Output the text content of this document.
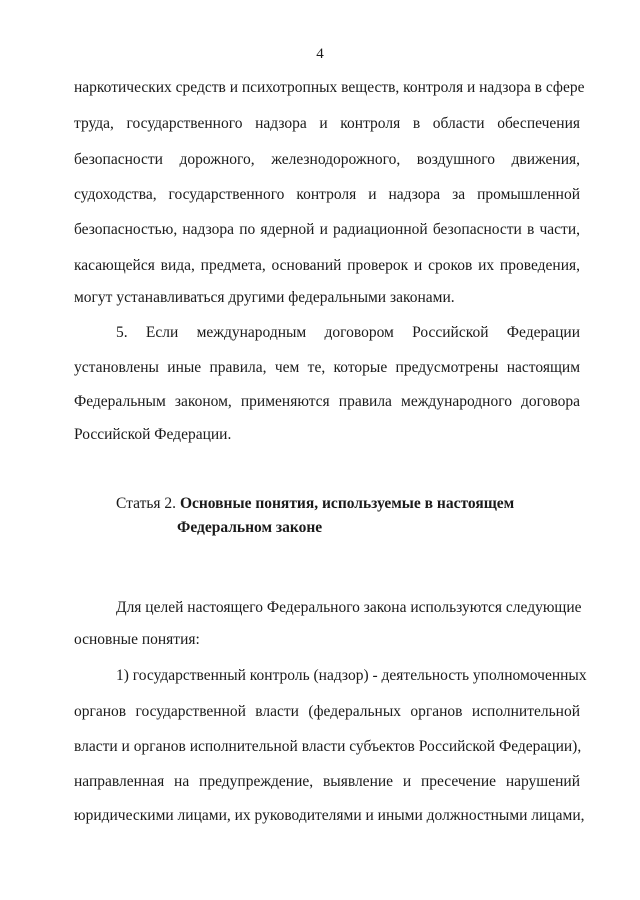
4
наркотических средств и психотропных веществ, контроля и надзора в сфере
труда, государственного надзора и контроля в области обеспечения
безопасности дорожного, железнодорожного, воздушного движения,
судоходства, государственного контроля и надзора за промышленной
безопасностью, надзора по ядерной и радиационной безопасности в части,
касающейся вида, предмета, оснований проверок и сроков их проведения,
могут устанавливаться другими федеральными законами.
5. Если международным договором Российской Федерации
установлены иные правила, чем те, которые предусмотрены настоящим
Федеральным законом, применяются правила международного договора
Российской Федерации.
Статья 2. Основные понятия, используемые в настоящем
Федеральном законе
Для целей настоящего Федерального закона используются следующие
основные понятия:
1) государственный контроль (надзор) - деятельность уполномоченных
органов государственной власти (федеральных органов исполнительной
власти и органов исполнительной власти субъектов Российской Федерации),
направленная на предупреждение, выявление и пресечение нарушений
юридическими лицами, их руководителями и иными должностными лицами,
